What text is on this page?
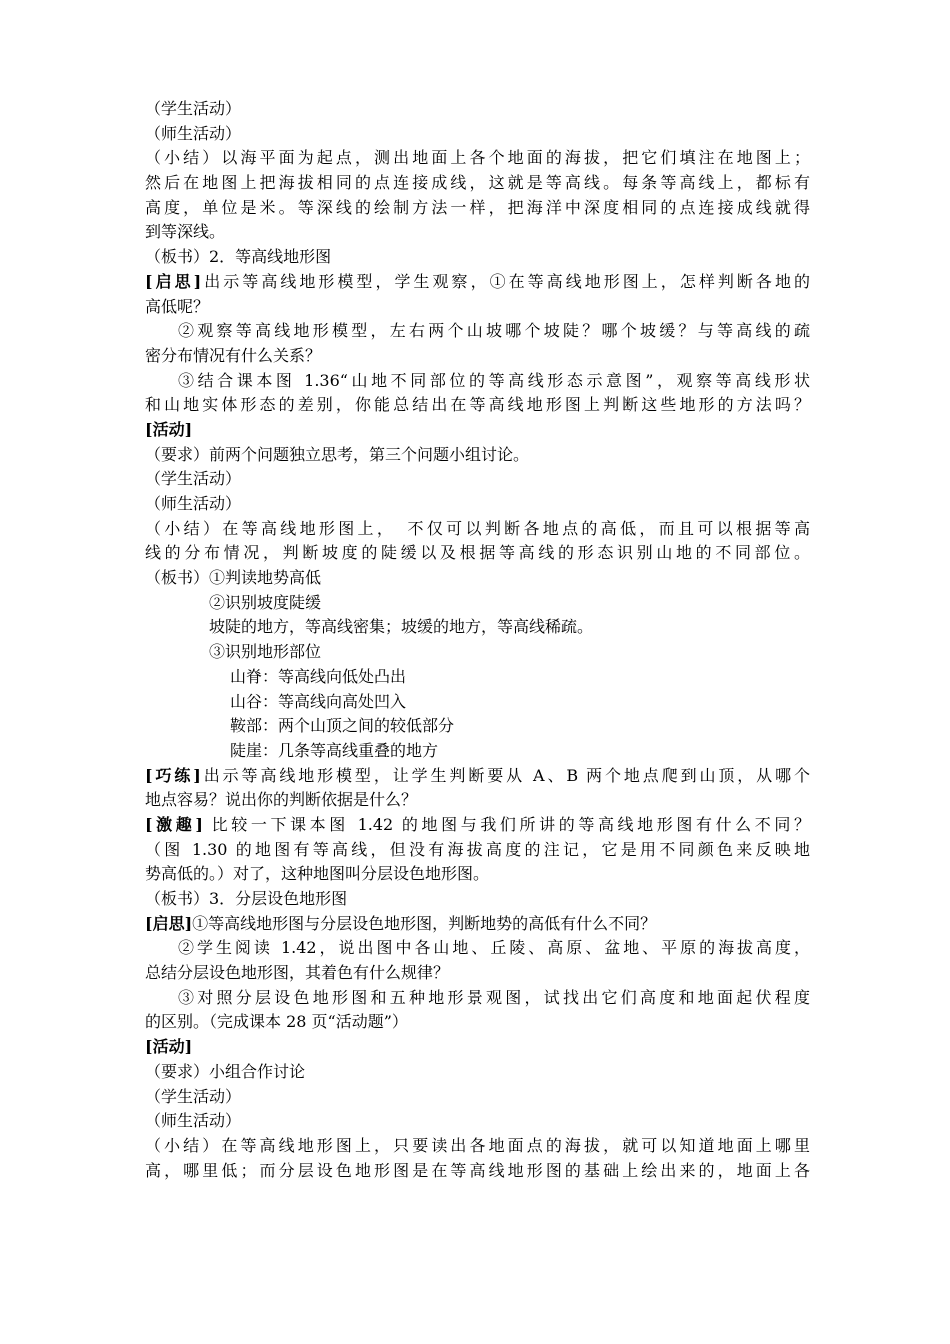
（学生活动）
（师生活动）
（小结）以海平面为起点，测出地面上各个地面的海拔，把它们填注在地图上；
然后在地图上把海拔相同的点连接成线，这就是等高线。每条等高线上，都标有
高度，单位是米。等深线的绘制方法一样，把海洋中深度相同的点连接成线就得
到等深线。
（板书）2．等高线地形图
[启思]出示等高线地形模型，学生观察，①在等高线地形图上，怎样判断各地的
高低呢？
②观察等高线地形模型，左右两个山坡哪个坡陡？哪个坡缓？与等高线的疏
密分布情况有什么关系？
③结合课本图 1.36“山地不同部位的等高线形态示意图”，观察等高线形状
和山地实体形态的差别，你能总结出在等高线地形图上判断这些地形的方法吗？
[活动]
（要求）前两个问题独立思考，第三个问题小组讨论。
（学生活动）
（师生活动）
（小结）在等高线地形图上，　不仅可以判断各地点的高低，而且可以根据等高
线的分布情况，判断坡度的陡缓以及根据等高线的形态识别山地的不同部位。
（板书）①判读地势高低
②识别坡度陡缓
坡陡的地方，等高线密集；坡缓的地方，等高线稀疏。
③识别地形部位
山脊：等高线向低处凸出
山谷：等高线向高处凹入
鞍部：两个山顶之间的较低部分
陡崖：几条等高线重叠的地方
[巧练]出示等高线地形模型，让学生判断要从 A、B 两个地点爬到山顶，从哪个
地点容易？说出你的判断依据是什么？
[激趣] 比较一下课本图 1.42 的地图与我们所讲的等高线地形图有什么不同？
（图 1.30 的地图有等高线，但没有海拔高度的注记，它是用不同颜色来反映地
势高低的。）对了，这种地图叫分层设色地形图。
（板书）3．分层设色地形图
[启思]①等高线地形图与分层设色地形图，判断地势的高低有什么不同？
②学生阅读 1.42，说出图中各山地、丘陵、高原、盆地、平原的海拔高度，
总结分层设色地形图，其着色有什么规律？
③对照分层设色地形图和五种地形景观图，试找出它们高度和地面起伏程度
的区别。（完成课本 28 页“活动题”）
[活动]
（要求）小组合作讨论
（学生活动）
（师生活动）
（小结）在等高线地形图上，只要读出各地面点的海拔，就可以知道地面上哪里
高，哪里低；而分层设色地形图是在等高线地形图的基础上绘出来的，地面上各
